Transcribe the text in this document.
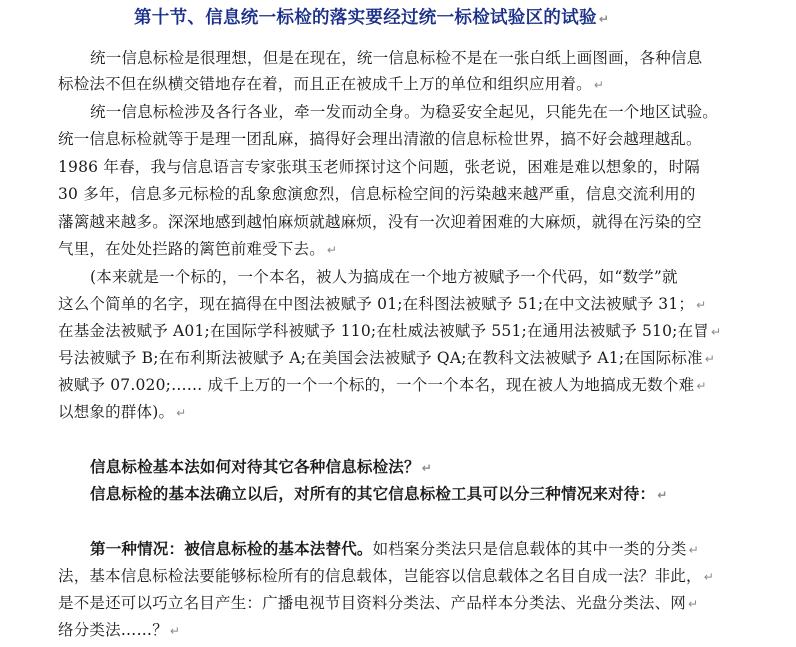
第十节、信息统一标检的落实要经过统一标检试验区的试验 ↵
统一信息标检是很理想，但是在现在，统一信息标检不是在一张白纸上画图画，各种信息
标检法不但在纵横交错地存在着，而且正在被成千上万的单位和组织应用着。 ↵
统一信息标检涉及各行各业，牵一发而动全身。为稳妥安全起见，只能先在一个地区试验。
统一信息标检就等于是理一团乱麻，搞得好会理出清澈的信息标检世界，搞不好会越理越乱。
1986 年春，我与信息语言专家张琪玉老师探讨这个问题，张老说，困难是难以想象的，时隔
30 多年，信息多元标检的乱象愈演愈烈，信息标检空间的污染越来越严重，信息交流利用的
藩篱越来越多。深深地感到越怕麻烦就越麻烦，没有一次迎着困难的大麻烦，就得在污染的空
气里，在处处拦路的篱笆前难受下去。 ↵
(本来就是一个标的，一个本名，被人为搞成在一个地方被赋予一个代码，如“数学”就
这么个简单的名字，现在搞得在中图法被赋予 01;在科图法被赋予 51;在中文法被赋予 31； ↵
在基金法被赋予 A01;在国际学科被赋予 110;在杜威法被赋予 551;在通用法被赋予 510;在冒 ↵
号法被赋予 B;在布利斯法被赋予 A;在美国会法被赋予 QA;在教科文法被赋予 A1;在国际标准 ↵
被赋予 07.020;…… 成千上万的一个一个标的，一个一个本名，现在被人为地搞成无数个难 ↵
以想象的群体)。 ↵
信息标检基本法如何对待其它各种信息标检法？ ↵
信息标检的基本法确立以后，对所有的其它信息标检工具可以分三种情况来对待： ↵
第一种情况：被信息标检的基本法替代。如档案分类法只是信息载体的其中一类的分类 ↵
法，基本信息标检法要能够标检所有的信息载体，岂能容以信息载体之名目自成一法？非此， ↵
是不是还可以巧立名目产生：广播电视节目资料分类法、产品样本分类法、光盘分类法、网 ↵
络分类法……？ ↵
